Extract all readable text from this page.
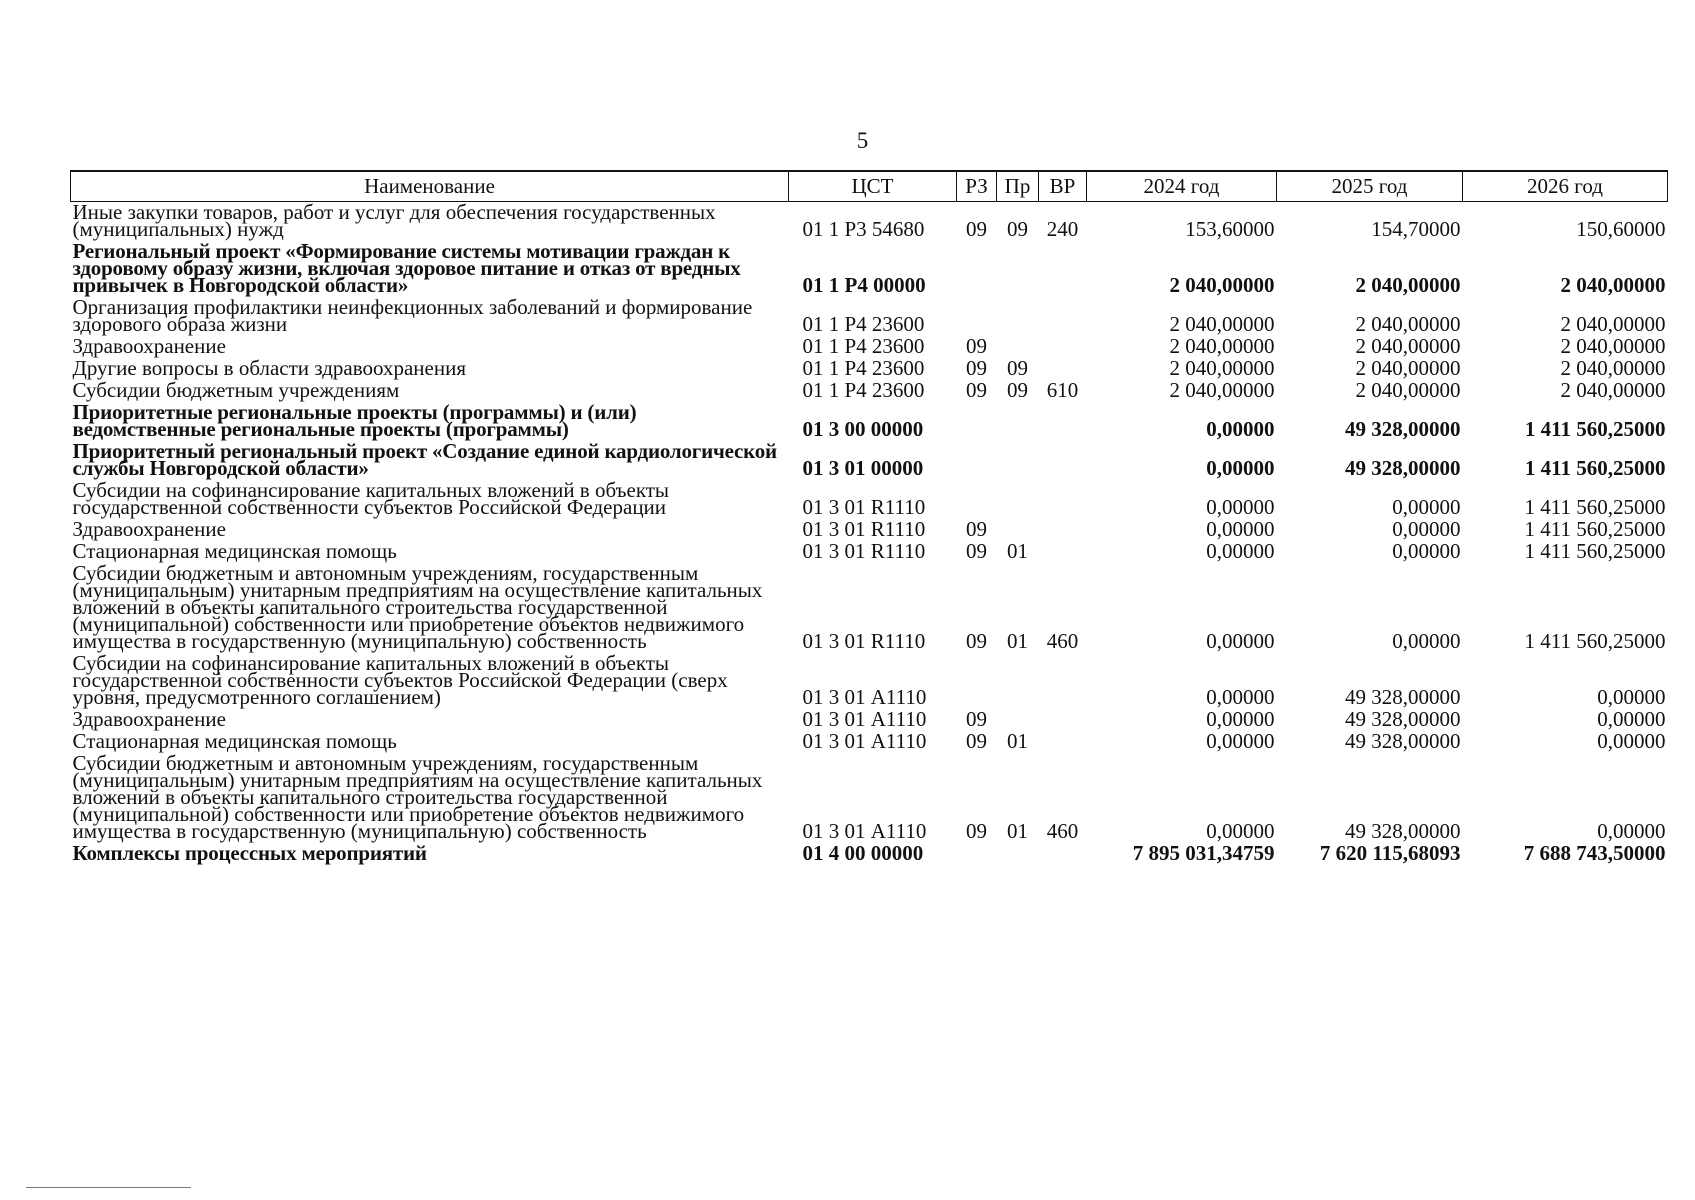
5
Наименование	ЦСТ	РЗ	Пр	ВР	2024 год	2025 год	2026 год
Иные закупки товаров, работ и услуг для обеспечения государственных (муниципальных) нужд	01 1 Р3 54680	09	09	240	153,60000	154,70000	150,60000
Региональный проект «Формирование системы мотивации граждан к здоровому образу жизни, включая здоровое питание и отказ от вредных привычек в Новгородской области»	01 1 Р4 00000				2 040,00000	2 040,00000	2 040,00000
Организация профилактики неинфекционных заболеваний и формирование здорового образа жизни	01 1 Р4 23600				2 040,00000	2 040,00000	2 040,00000
Здравоохранение	01 1 Р4 23600	09			2 040,00000	2 040,00000	2 040,00000
Другие вопросы в области здравоохранения	01 1 Р4 23600	09	09		2 040,00000	2 040,00000	2 040,00000
Субсидии бюджетным учреждениям	01 1 Р4 23600	09	09	610	2 040,00000	2 040,00000	2 040,00000
Приоритетные региональные проекты (программы) и (или) ведомственные региональные проекты (программы)	01 3 00 00000				0,00000	49 328,00000	1 411 560,25000
Приоритетный региональный проект «Создание единой кардиологической службы Новгородской области»	01 3 01 00000				0,00000	49 328,00000	1 411 560,25000
Субсидии на софинансирование капитальных вложений в объекты государственной собственности субъектов Российской Федерации	01 3 01 R1110				0,00000	0,00000	1 411 560,25000
Здравоохранение	01 3 01 R1110	09			0,00000	0,00000	1 411 560,25000
Стационарная медицинская помощь	01 3 01 R1110	09	01		0,00000	0,00000	1 411 560,25000
Субсидии бюджетным и автономным учреждениям, государственным (муниципальным) унитарным предприятиям на осуществление капитальных вложений в объекты капитального строительства государственной (муниципальной) собственности или приобретение объектов недвижимого имущества в государственную (муниципальную) собственность	01 3 01 R1110	09	01	460	0,00000	0,00000	1 411 560,25000
Субсидии на софинансирование капитальных вложений в объекты государственной собственности субъектов Российской Федерации (сверх уровня, предусмотренного соглашением)	01 3 01 А1110				0,00000	49 328,00000	0,00000
Здравоохранение	01 3 01 А1110	09			0,00000	49 328,00000	0,00000
Стационарная медицинская помощь	01 3 01 А1110	09	01		0,00000	49 328,00000	0,00000
Субсидии бюджетным и автономным учреждениям, государственным (муниципальным) унитарным предприятиям на осуществление капитальных вложений в объекты капитального строительства государственной (муниципальной) собственности или приобретение объектов недвижимого имущества в государственную (муниципальную) собственность	01 3 01 А1110	09	01	460	0,00000	49 328,00000	0,00000
Комплексы процессных мероприятий	01 4 00 00000				7 895 031,34759	7 620 115,68093	7 688 743,50000
